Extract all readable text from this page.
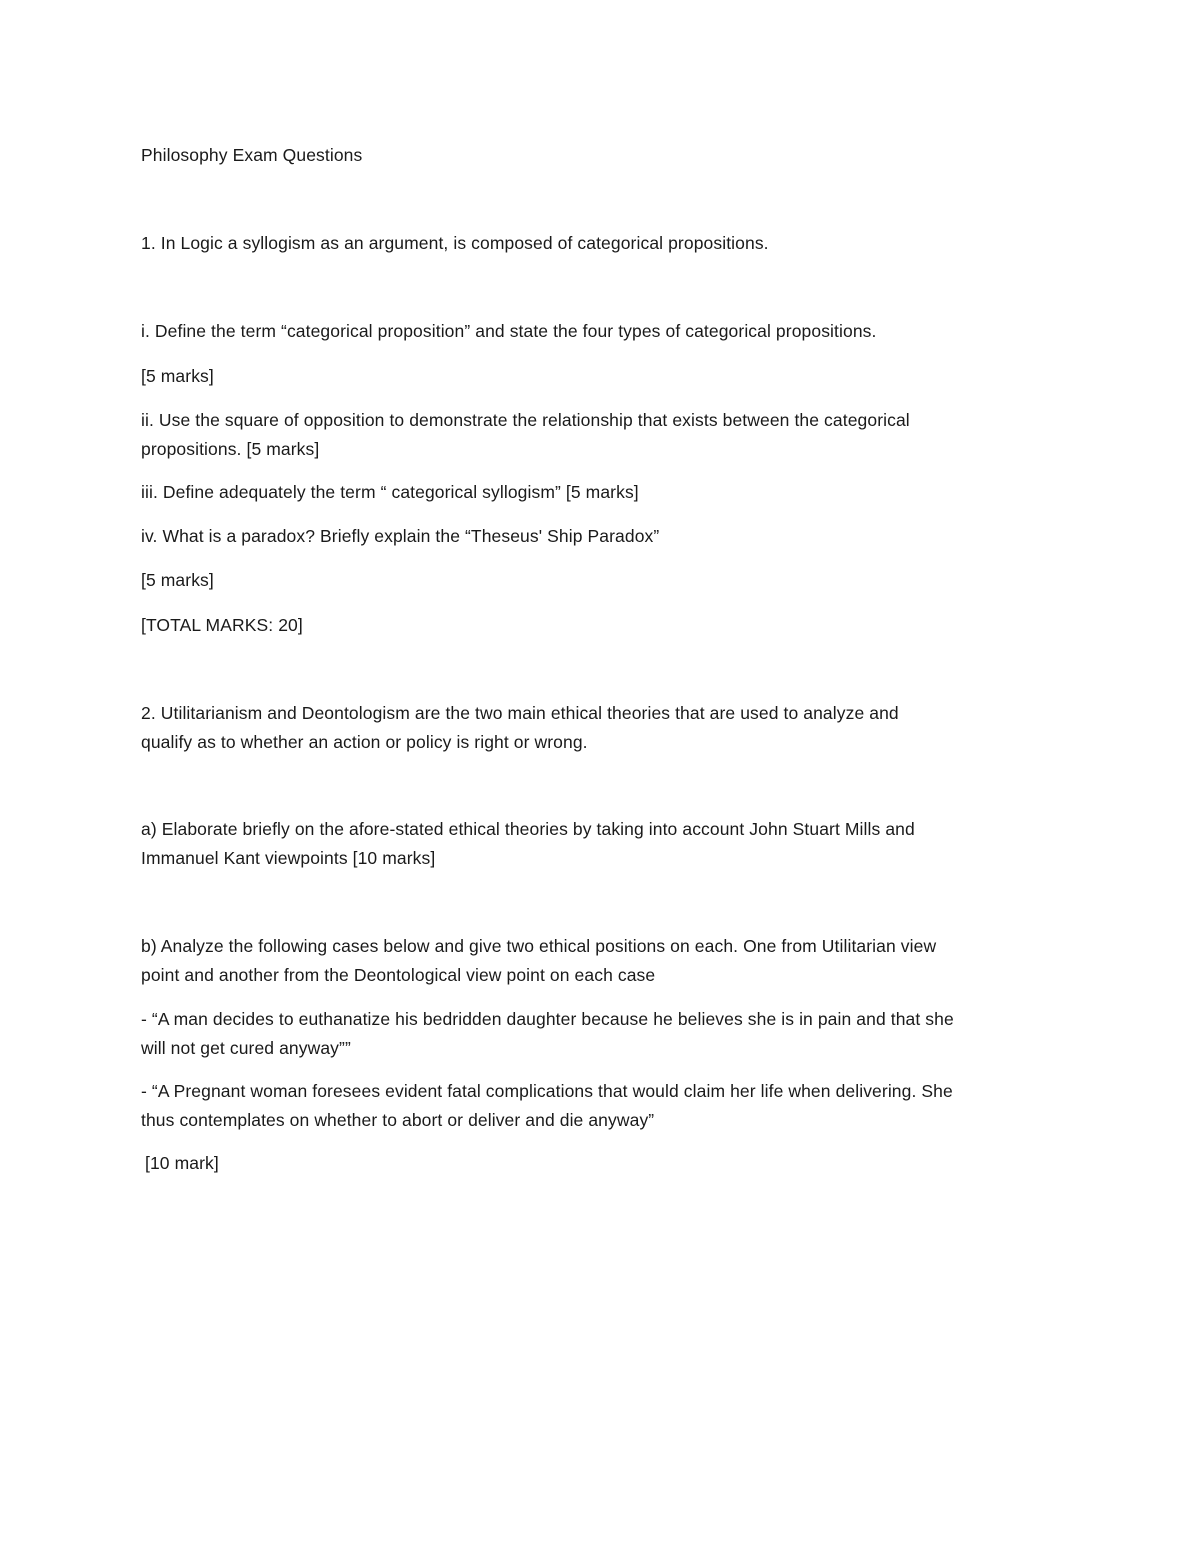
Philosophy Exam Questions
1. In Logic a syllogism as an argument, is composed of categorical propositions.
i. Define the term “categorical proposition” and state the four types of categorical propositions.
[5 marks]
ii. Use the square of opposition to demonstrate the relationship that exists between the categorical
propositions. [5 marks]
iii. Define adequately the term “ categorical syllogism” [5 marks]
iv. What is a paradox? Briefly explain the “Theseus' Ship Paradox”
[5 marks]
[TOTAL MARKS: 20]
2. Utilitarianism and Deontologism are the two main ethical theories that are used to analyze and
qualify as to whether an action or policy is right or wrong.
a) Elaborate briefly on the afore-stated ethical theories by taking into account John Stuart Mills and
Immanuel Kant viewpoints [10 marks]
b) Analyze the following cases below and give two ethical positions on each. One from Utilitarian view
point and another from the Deontological view point on each case
- “A man decides to euthanatize his bedridden daughter because he believes she is in pain and that she
will not get cured anyway””
- “A Pregnant woman foresees evident fatal complications that would claim her life when delivering. She
thus contemplates on whether to abort or deliver and die anyway”
[10 mark]
